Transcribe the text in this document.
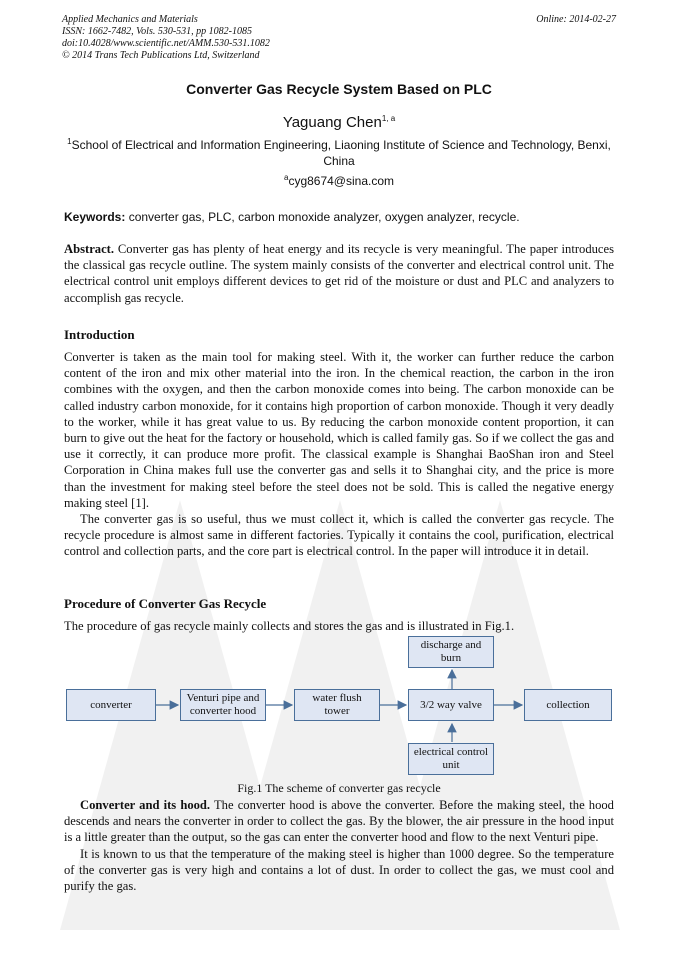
Applied Mechanics and Materials
ISSN: 1662-7482, Vols. 530-531, pp 1082-1085
doi:10.4028/www.scientific.net/AMM.530-531.1082
© 2014 Trans Tech Publications Ltd, Switzerland
Online: 2014-02-27
Converter Gas Recycle System Based on PLC
Yaguang Chen$^{1, a}$
$^1$School of Electrical and Information Engineering, Liaoning Institute of Science and Technology, Benxi, China
$^a$cyg8674@sina.com
Keywords: converter gas, PLC, carbon monoxide analyzer, oxygen analyzer, recycle.

Abstract. Converter gas has plenty of heat energy and its recycle is very meaningful. The paper introduces the classical gas recycle outline. The system mainly consists of the converter and electrical control unit. The electrical control unit employs different devices to get rid of the moisture or dust and PLC and analyzers to accomplish gas recycle.

Introduction

Converter is taken as the main tool for making steel. With it, the worker can further reduce the carbon content of the iron and mix other material into the iron. In the chemical reaction, the carbon in the iron combines with the oxygen, and then the carbon monoxide comes into being. The carbon monoxide can be called industry carbon monoxide, for it contains high proportion of carbon monoxide. Though it very deadly to the worker, while it has great value to us. By reducing the carbon monoxide content proportion, it can burn to give out the heat for the factory or household, which is called family gas. So if we collect the gas and use it correctly, it can produce more profit. The classical example is Shanghai BaoShan iron and Steel Corporation in China makes full use the converter gas and sells it to Shanghai city, and the price is more than the investment for making steel before the steel does not be sold. This is called the negative energy making steel [1].

The converter gas is so useful, thus we must collect it, which is called the converter gas recycle. The recycle procedure is almost same in different factories. Typically it contains the cool, purification, electrical control and collection parts, and the core part is electrical control. In the paper will introduce it in detail.

Procedure of Converter Gas Recycle

The procedure of gas recycle mainly collects and stores the gas and is illustrated in Fig.1.

converter
Venturi pipe and
converter hood
water flush
tower
3/2 way valve	collection
discharge and
burn
electrical control
unit
Fig.1 The scheme of converter gas recycle

Converter and its hood. The converter hood is above the converter. Before the making steel, the hood descends and nears the converter in order to collect the gas. By the blower, the air pressure in the hood input is a little greater than the output, so the gas can enter the converter hood and flow to the next Venturi pipe.

It is known to us that the temperature of the making steel is higher than 1000 degree. So the temperature of the converter gas is very high and contains a lot of dust. In order to collect the gas, we must cool and purify the gas.
